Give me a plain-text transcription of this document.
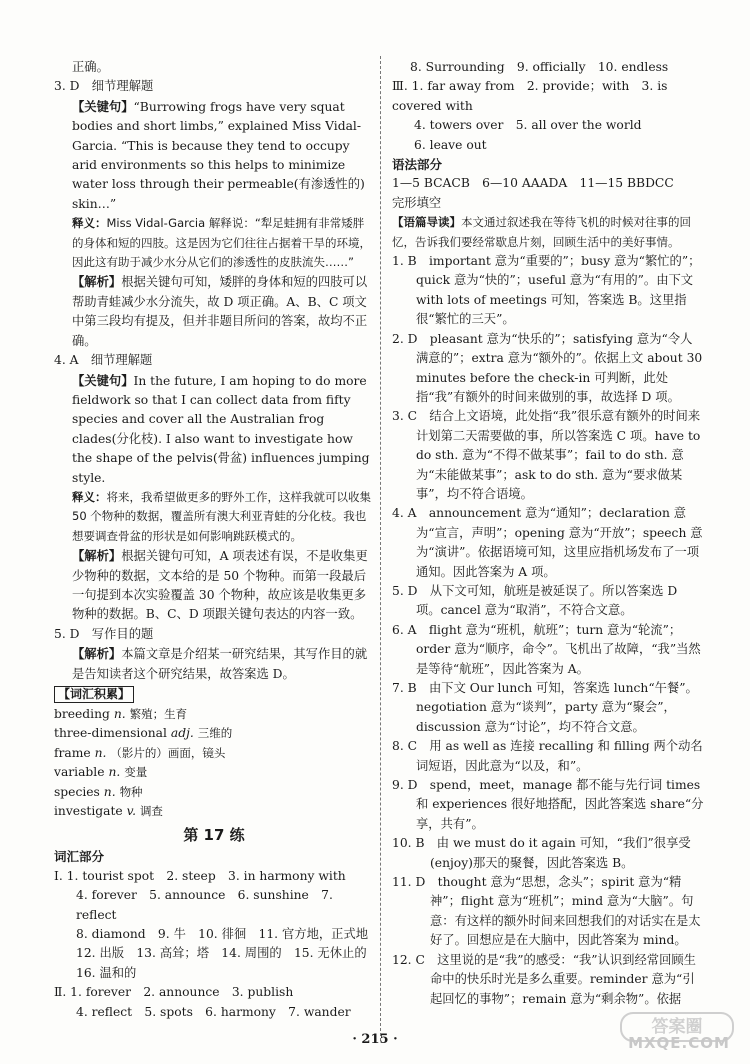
正确。

3. D　细节理解题

【关键句】“Burrowing frogs have very squat bodies and short limbs,” explained Miss Vidal-Garcia. “This is because they tend to occupy arid environments so this helps to minimize water loss through their permeable(有渗透性的) skin…”

释义：Miss Vidal-Garcia 解释说：“犁足蛙拥有非常矮胖的身体和短的四肢。这是因为它们往往占据着干旱的环境，因此这有助于减少水分从它们的渗透性的皮肤流失……”

【解析】根据关键句可知，矮胖的身体和短的四肢可以帮助青蛙减少水分流失，故 D 项正确。A、B、C 项文中第三段均有提及，但并非题目所问的答案，故均不正确。

4. A　细节理解题

【关键句】In the future, I am hoping to do more fieldwork so that I can collect data from fifty species and cover all the Australian frog clades(分化枝). I also want to investigate how the shape of the pelvis(骨盆) influences jumping style.

释义：将来，我希望做更多的野外工作，这样我就可以收集 50 个物种的数据，覆盖所有澳大利亚青蛙的分化枝。我也想要调查骨盆的形状是如何影响跳跃模式的。

【解析】根据关键句可知，A 项表述有误，不是收集更少物种的数据，文本给的是 50 个物种。而第一段最后一句提到本次实验覆盖 30 个物种，故应该是收集更多物种的数据。B、C、D 项跟关键句表达的内容一致。

5. D　写作目的题

【解析】本篇文章是介绍某一研究结果，其写作目的就是告知读者这个研究结果，故答案选 D。

【词汇积累】

breeding n. 繁殖；生育

three-dimensional adj. 三维的

frame n. （影片的）画面，镜头

variable n. 变量

species n. 物种

investigate v. 调查

第 17 练

词汇部分

Ⅰ. 1. tourist spot　2. steep　3. in harmony with

4. forever　5. announce　6. sunshine　7. reflect

8. diamond　9. 牛　10. 徘徊　11. 官方地，正式地　12. 出版　13. 高耸；塔　14. 周围的　15. 无休止的　16. 温和的

Ⅱ. 1. forever　2. announce　3. publish

4. reflect　5. spots　6. harmony　7. wander

8. Surrounding　9. officially　10. endless

Ⅲ. 1. far away from　2. provide；with　3. is covered with

4. towers over　5. all over the world

6. leave out

语法部分

1—5 BCACB　6—10 AAADA　11—15 BBDCC

完形填空

【语篇导读】本文通过叙述我在等待飞机的时候对往事的回忆，告诉我们要经常歇息片刻，回顾生活中的美好事情。

1. B　important 意为“重要的”；busy 意为“繁忙的”；quick 意为“快的”；useful 意为“有用的”。由下文 with lots of meetings 可知，答案选 B。这里指很“繁忙的三天”。

2. D　pleasant 意为“快乐的”；satisfying 意为“令人满意的”；extra 意为“额外的”。依据上文 about 30 minutes before the check-in 可判断，此处指“我”有额外的时间来做别的事，故选择 D 项。

3. C　结合上文语境，此处指“我”很乐意有额外的时间来计划第二天需要做的事，所以答案选 C 项。have to do sth. 意为“不得不做某事”；fail to do sth. 意为“未能做某事”；ask to do sth. 意为“要求做某事”，均不符合语境。

4. A　announcement 意为“通知”；declaration 意为“宣言，声明”；opening 意为“开放”；speech 意为“演讲”。依据语境可知，这里应指机场发布了一项通知。因此答案为 A 项。

5. D　从下文可知，航班是被延误了。所以答案选 D 项。cancel 意为“取消”，不符合文意。

6. A　flight 意为“班机，航班”；turn 意为“轮流”；order 意为“顺序，命令”。飞机出了故障，“我”当然是等待“航班”，因此答案为 A。

7. B　由下文 Our lunch 可知，答案选 lunch“午餐”。negotiation 意为“谈判”，party 意为“聚会”，discussion 意为“讨论”，均不符合文意。

8. C　用 as well as 连接 recalling 和 filling 两个动名词短语，因此意为“以及，和”。

9. D　spend，meet，manage 都不能与先行词 times 和 experiences 很好地搭配，因此答案选 share“分享，共有”。

10. B　由 we must do it again 可知，“我们”很享受(enjoy)那天的聚餐，因此答案选 B。

11. D　thought 意为“思想，念头”；spirit 意为“精神”；flight 意为“班机”；mind 意为“大脑”。句意：有这样的额外时间来回想我们的对话实在是太好了。回想应是在大脑中，因此答案为 mind。

12. C　这里说的是“我”的感受：“我”认识到经常回顾生命中的快乐时光是多么重要。reminder 意为“引起回忆的事物”；remain 意为“剩余物”。依据

· 215 ·
答案圈
MXQE.COM
